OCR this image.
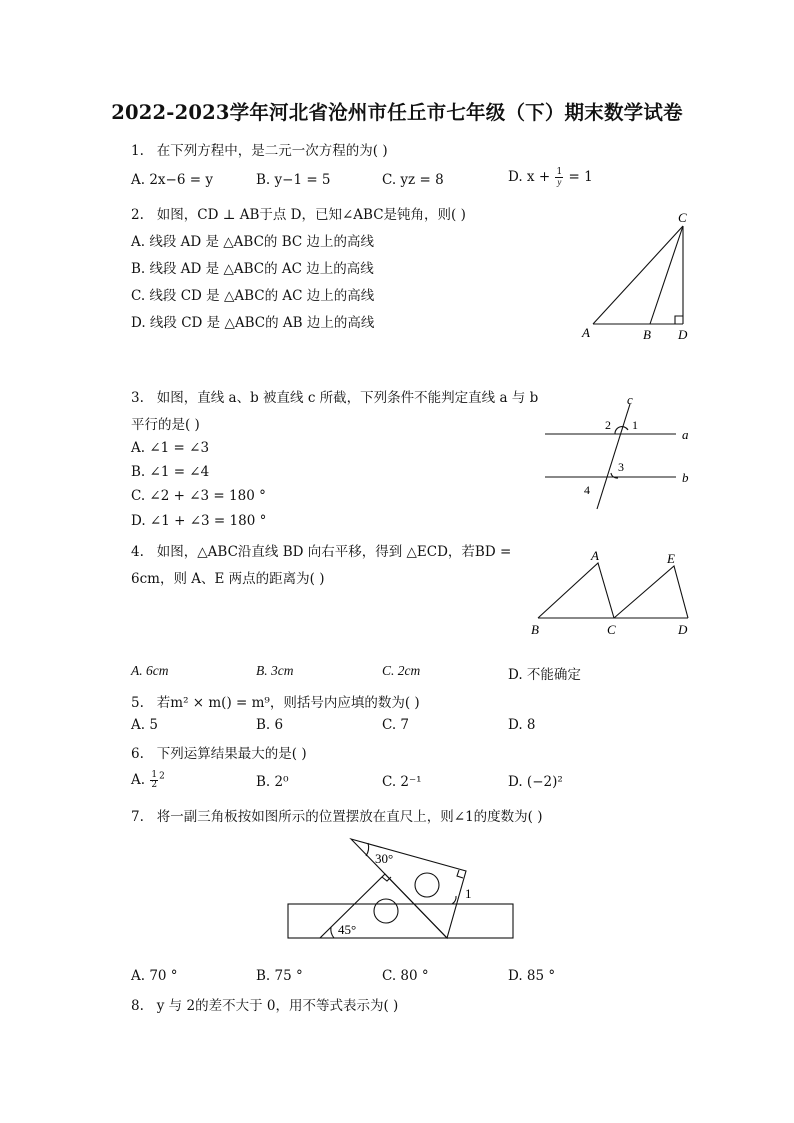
2022-2023学年河北省沧州市任丘市七年级（下）期末数学试卷
1. 在下列方程中，是二元一次方程的为( )
A. 2x−6 = y	B. y−1 = 5	C. yz = 8	D. $x + \frac{1}{y} = 1$
2. 如图，CD ⊥ AB于点 D，已知∠ABC是钝角，则( )
A. 线段 AD 是 △ABC的 BC 边上的高线
B. 线段 AD 是 △ABC的 AC 边上的高线
C. 线段 CD 是 △ABC的 AC 边上的高线
D. 线段 CD 是 △ABC的 AB 边上的高线
A	B
C
D
3. 如图，直线 a、b 被直线 c 所截，下列条件不能判定直线 a 与 b
平行的是( )
A. ∠1 = ∠3
B. ∠1 = ∠4
C. ∠2 + ∠3 = 180 °
D. ∠1 + ∠3 = 180 °
c
a
b
2 1
3
4
4. 如图，△ABC沿直线 BD 向右平移，得到 △ECD，若BD =
6cm，则 A、E 两点的距离为( )
A
B	C	D
E
A. 6cm	B. 3cm	C. 2cm	D. 不能确定
5. 若m² × m() = m⁹，则括号内应填的数为( )
A. 5	B. 6	C. 7	D. 8
6. 下列运算结果最大的是( )
A. $\frac{1}{2} ^2$	B. 2⁰	C. 2⁻¹	D. (−2)²
7. 将一副三角板按如图所示的位置摆放在直尺上，则∠1的度数为( )
30°
45°
1
A. 70 °	B. 75 °	C. 80 °	D. 85 °
8. y 与 2的差不大于 0，用不等式表示为( )
